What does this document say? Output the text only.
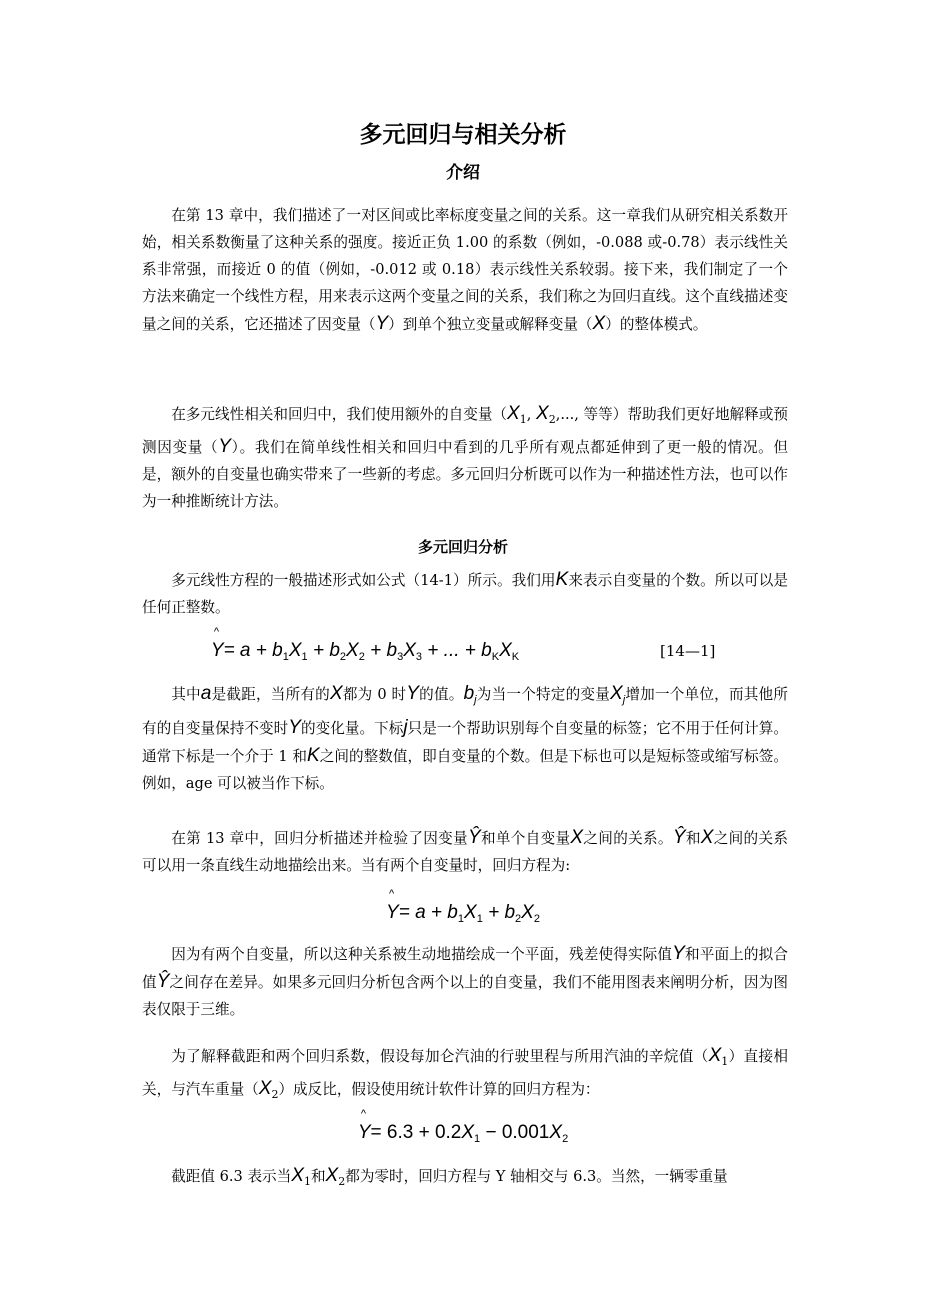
多元回归与相关分析
介绍
在第 13 章中，我们描述了一对区间或比率标度变量之间的关系。这一章我们从研究相关系数开始，相关系数衡量了这种关系的强度。接近正负 1.00 的系数（例如，-0.088 或-0.78）表示线性关系非常强，而接近 0 的值（例如，-0.012 或 0.18）表示线性关系较弱。接下来，我们制定了一个方法来确定一个线性方程，用来表示这两个变量之间的关系，我们称之为回归直线。这个直线描述变量之间的关系，它还描述了因变量（Y）到单个独立变量或解释变量（X）的整体模式。
在多元线性相关和回归中，我们使用额外的自变量（$X_1$, $X_2$,..., 等等）帮助我们更好地解释或预测因变量（Y）。我们在简单线性相关和回归中看到的几乎所有观点都延伸到了更一般的情况。但是，额外的自变量也确实带来了一些新的考虑。多元回归分析既可以作为一种描述性方法，也可以作为一种推断统计方法。
多元回归分析
多元线性方程的一般描述形式如公式（14-1）所示。我们用K来表示自变量的个数。所以可以是任何正整数。
^ $Y= a + b_1X_1 + b_2X_2 + b_3X_3$ + ... + $b_KX_K$	[14—1]
其中a是截距，当所有的X都为 0 时Y的值。$b_j$为当一个特定的变量$X_j$增加一个单位，而其他所有的自变量保持不变时Y的变化量。下标j只是一个帮助识别每个自变量的标签；它不用于任何计算。通常下标是一个介于 1 和K之间的整数值，即自变量的个数。但是下标也可以是短标签或缩写标签。例如，age 可以被当作下标。
在第 13 章中，回归分析描述并检验了因变量Ŷ和单个自变量X之间的关系。Ŷ和X之间的关系可以用一条直线生动地描绘出来。当有两个自变量时，回归方程为:
^ $Y= a + b_1X_1 + b_2X_2$
因为有两个自变量，所以这种关系被生动地描绘成一个平面，残差使得实际值Y和平面上的拟合值Ŷ之间存在差异。如果多元回归分析包含两个以上的自变量，我们不能用图表来阐明分析，因为图表仅限于三维。
为了解释截距和两个回归系数，假设每加仑汽油的行驶里程与所用汽油的辛烷值$(X_1)$直接相关，与汽车重量$(X_2)$成反比，假设使用统计软件计算的回归方程为：
^ $Y= 6.3 + 0.2X_1 - 0.001X_2$
截距值 6.3 表示当$X_1$和$X_2$都为零时，回归方程与 Y 轴相交与 6.3。当然，一辆零重量
